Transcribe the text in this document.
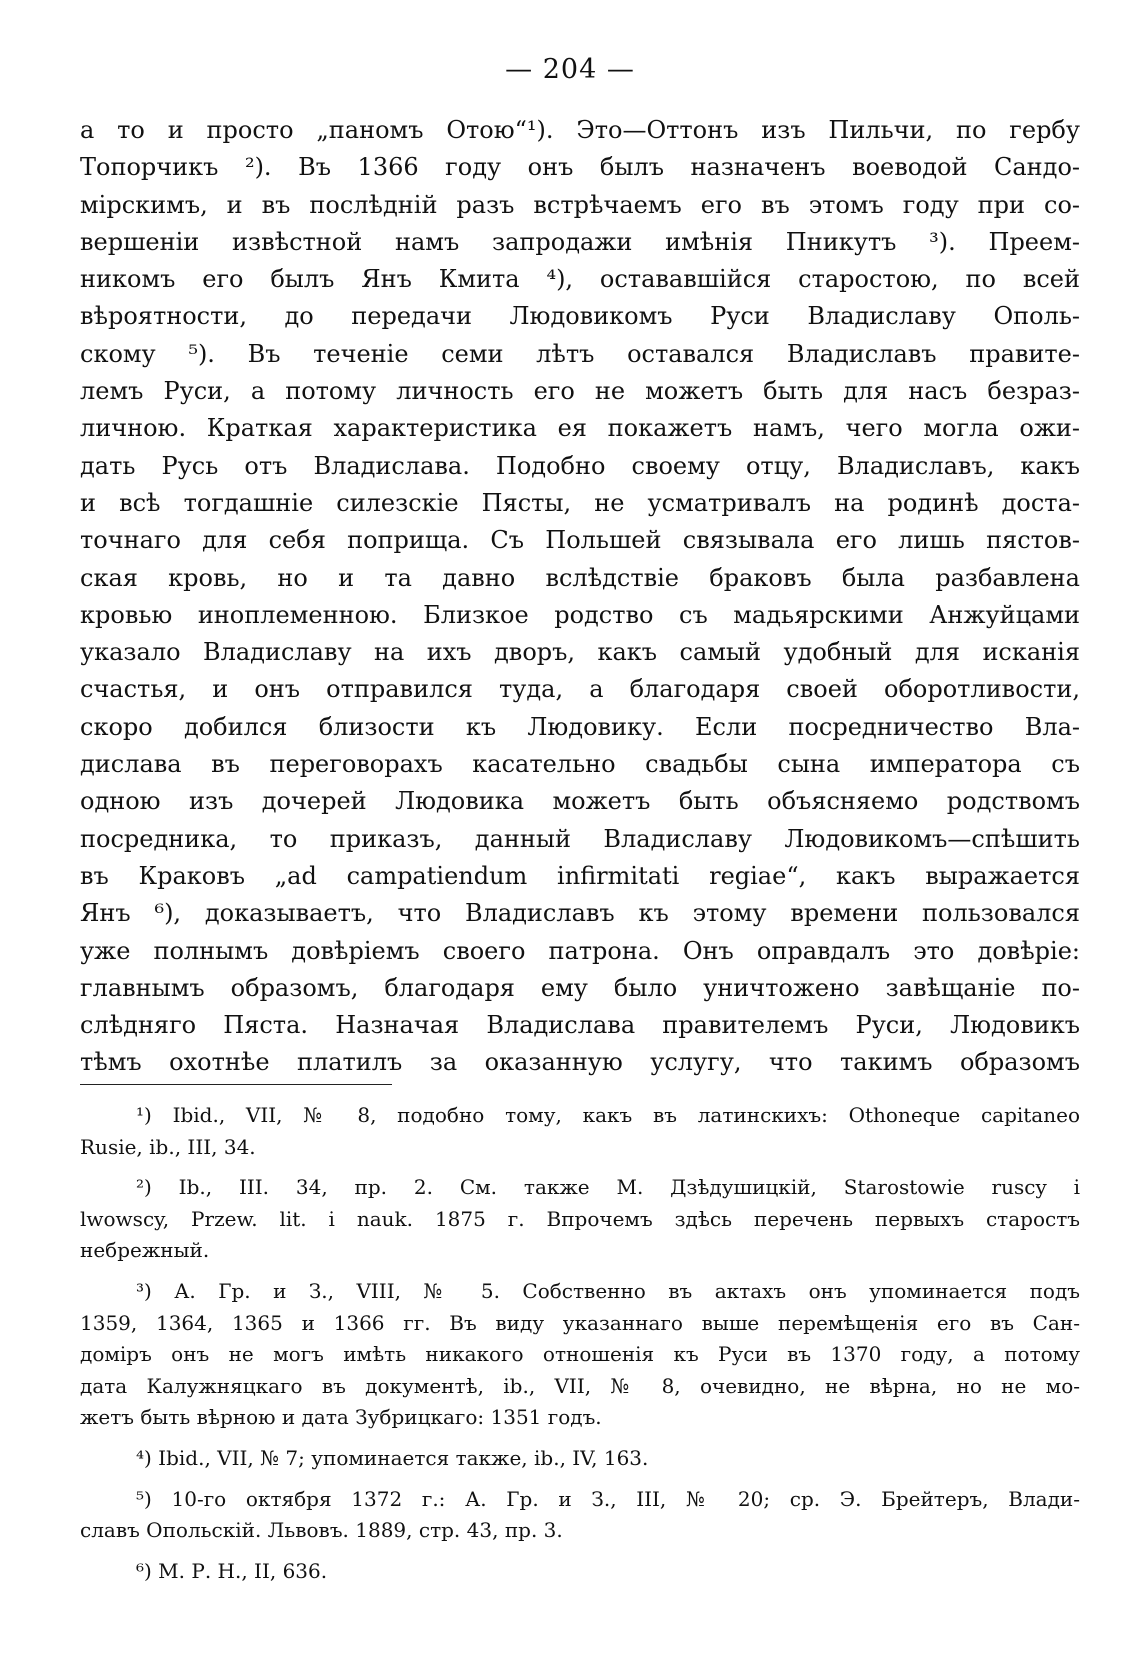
— 204 —
а то и просто „паномъ Отою“¹). Это—Оттонъ изъ Пильчи, по гербу
Топорчикъ ²). Въ 1366 году онъ былъ назначенъ воеводой Сандо-
мірскимъ, и въ послѣдній разъ встрѣчаемъ его въ этомъ году при со-
вершеніи извѣстной намъ запродажи имѣнія Пникутъ ³). Преем-
никомъ его былъ Янъ Кмита ⁴), остававшійся старостою, по всей
вѣроятности, до передачи Людовикомъ Руси Владиславу Ополь-
скому ⁵). Въ теченіе семи лѣтъ оставался Владиславъ правите-
лемъ Руси, а потому личность его не можетъ быть для насъ безраз-
личною. Краткая характеристика ея покажетъ намъ, чего могла ожи-
дать Русь отъ Владислава. Подобно своему отцу, Владиславъ, какъ
и всѣ тогдашніе силезскіе Пясты, не усматривалъ на родинѣ доста-
точнаго для себя поприща. Съ Польшей связывала его лишь пястов-
ская кровь, но и та давно вслѣдствіе браковъ была разбавлена
кровью иноплеменною. Близкое родство съ мадьярскими Анжуйцами
указало Владиславу на ихъ дворъ, какъ самый удобный для исканія
счастья, и онъ отправился туда, а благодаря своей оборотливости,
скоро добился близости къ Людовику. Если посредничество Вла-
дислава въ переговорахъ касательно свадьбы сына императора съ
одною изъ дочерей Людовика можетъ быть объясняемо родствомъ
посредника, то приказъ, данный Владиславу Людовикомъ—спѣшить
въ Краковъ „ad campatiendum infirmitati regiae“, какъ выражается
Янъ ⁶), доказываетъ, что Владиславъ къ этому времени пользовался
уже полнымъ довѣріемъ своего патрона. Онъ оправдалъ это довѣріе:
главнымъ образомъ, благодаря ему было уничтожено завѣщаніе по-
слѣдняго Пяста. Назначая Владислава правителемъ Руси, Людовикъ
тѣмъ охотнѣе платилъ за оказанную услугу, что такимъ образомъ
¹) Ibid., VII, № 8, подобно тому, какъ въ латинскихъ: Othoneque capitaneo
Rusie, ib., III, 34.
²) Ib., III. 34, пр. 2. См. также М. Дзѣдушицкій, Starostowie ruscy i
lwowscy, Przew. lit. i nauk. 1875 г. Впрочемъ здѣсь перечень первыхъ старостъ
небрежный.
³) А. Гр. и З., VIII, № 5. Собственно въ актахъ онъ упоминается подъ
1359, 1364, 1365 и 1366 гг. Въ виду указаннаго выше перемѣщенія его въ Сан-
доміръ онъ не могъ имѣть никакого отношенія къ Руси въ 1370 году, а потому
дата Калужняцкаго въ документѣ, ib., VII, № 8, очевидно, не вѣрна, но не мо-
жетъ быть вѣрною и дата Зубрицкаго: 1351 годъ.
⁴) Ibid., VII, № 7; упоминается также, ib., IV, 163.
⁵) 10-го октября 1372 г.: А. Гр. и З., III, № 20; ср. Э. Брейтеръ, Влади-
славъ Опольскій. Львовъ. 1889, стр. 43, пр. 3.
⁶) М. Р. Н., II, 636.
